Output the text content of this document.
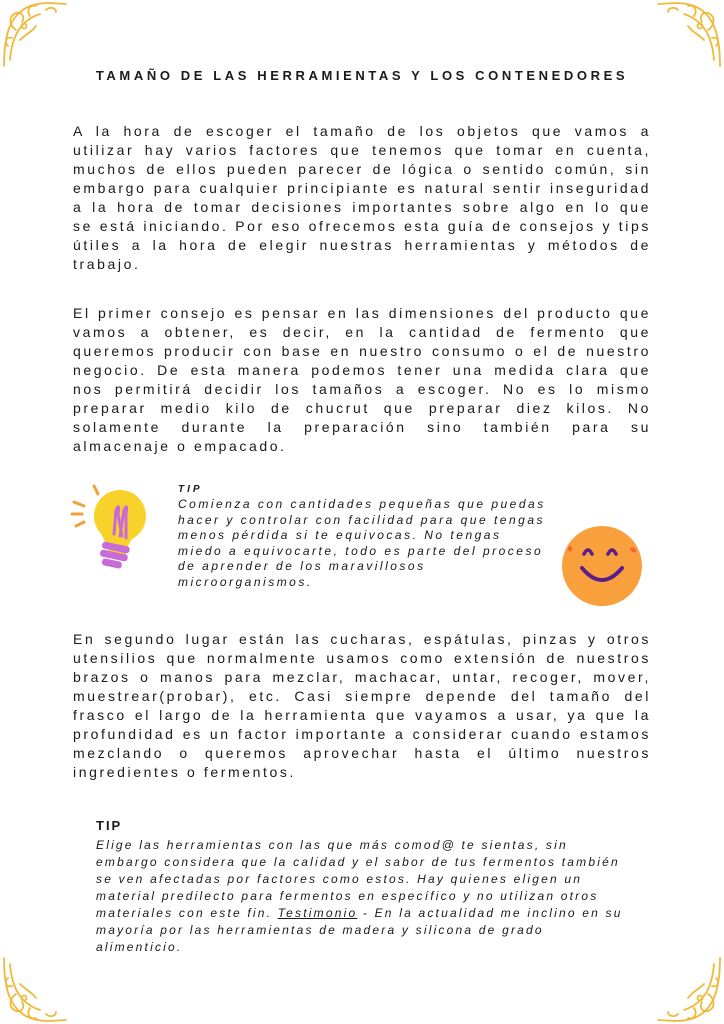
TAMAÑO DE LAS HERRAMIENTAS Y LOS CONTENEDORES

A la hora de escoger el tamaño de los objetos que vamos a utilizar hay varios factores que tenemos que tomar en cuenta, muchos de ellos pueden parecer de lógica o sentido común, sin embargo para cualquier principiante es natural sentir inseguridad a la hora de tomar decisiones importantes sobre algo en lo que se está iniciando. Por eso ofrecemos esta guía de consejos y tips útiles a la hora de elegir nuestras herramientas y métodos de trabajo.

El primer consejo es pensar en las dimensiones del producto que vamos a obtener, es decir, en la cantidad de fermento que queremos producir con base en nuestro consumo o el de nuestro negocio. De esta manera podemos tener una medida clara que nos permitirá decidir los tamaños a escoger. No es lo mismo preparar medio kilo de chucrut que preparar diez kilos. No solamente durante la preparación sino también para su almacenaje o empacado.

TIP
Comienza con cantidades pequeñas que puedas hacer y controlar con facilidad para que tengas menos pérdida si te equivocas. No tengas miedo a equivocarte, todo es parte del proceso de aprender de los maravillosos microorganismos.

En segundo lugar están las cucharas, espátulas, pinzas y otros utensilios que normalmente usamos como extensión de nuestros brazos o manos para mezclar, machacar, untar, recoger, mover, muestrear(probar), etc. Casi siempre depende del tamaño del frasco el largo de la herramienta que vayamos a usar, ya que la profundidad es un factor importante a considerar cuando estamos mezclando o queremos aprovechar hasta el último nuestros ingredientes o fermentos.

TIP
Elige las herramientas con las que más comod@ te sientas, sin embargo considera que la calidad y el sabor de tus fermentos también se ven afectadas por factores como estos. Hay quienes eligen un material predilecto para fermentos en específico y no utilizan otros materiales con este fin. Testimonio - En la actualidad me inclino en su mayoría por las herramientas de madera y silicona de grado alimenticio.
